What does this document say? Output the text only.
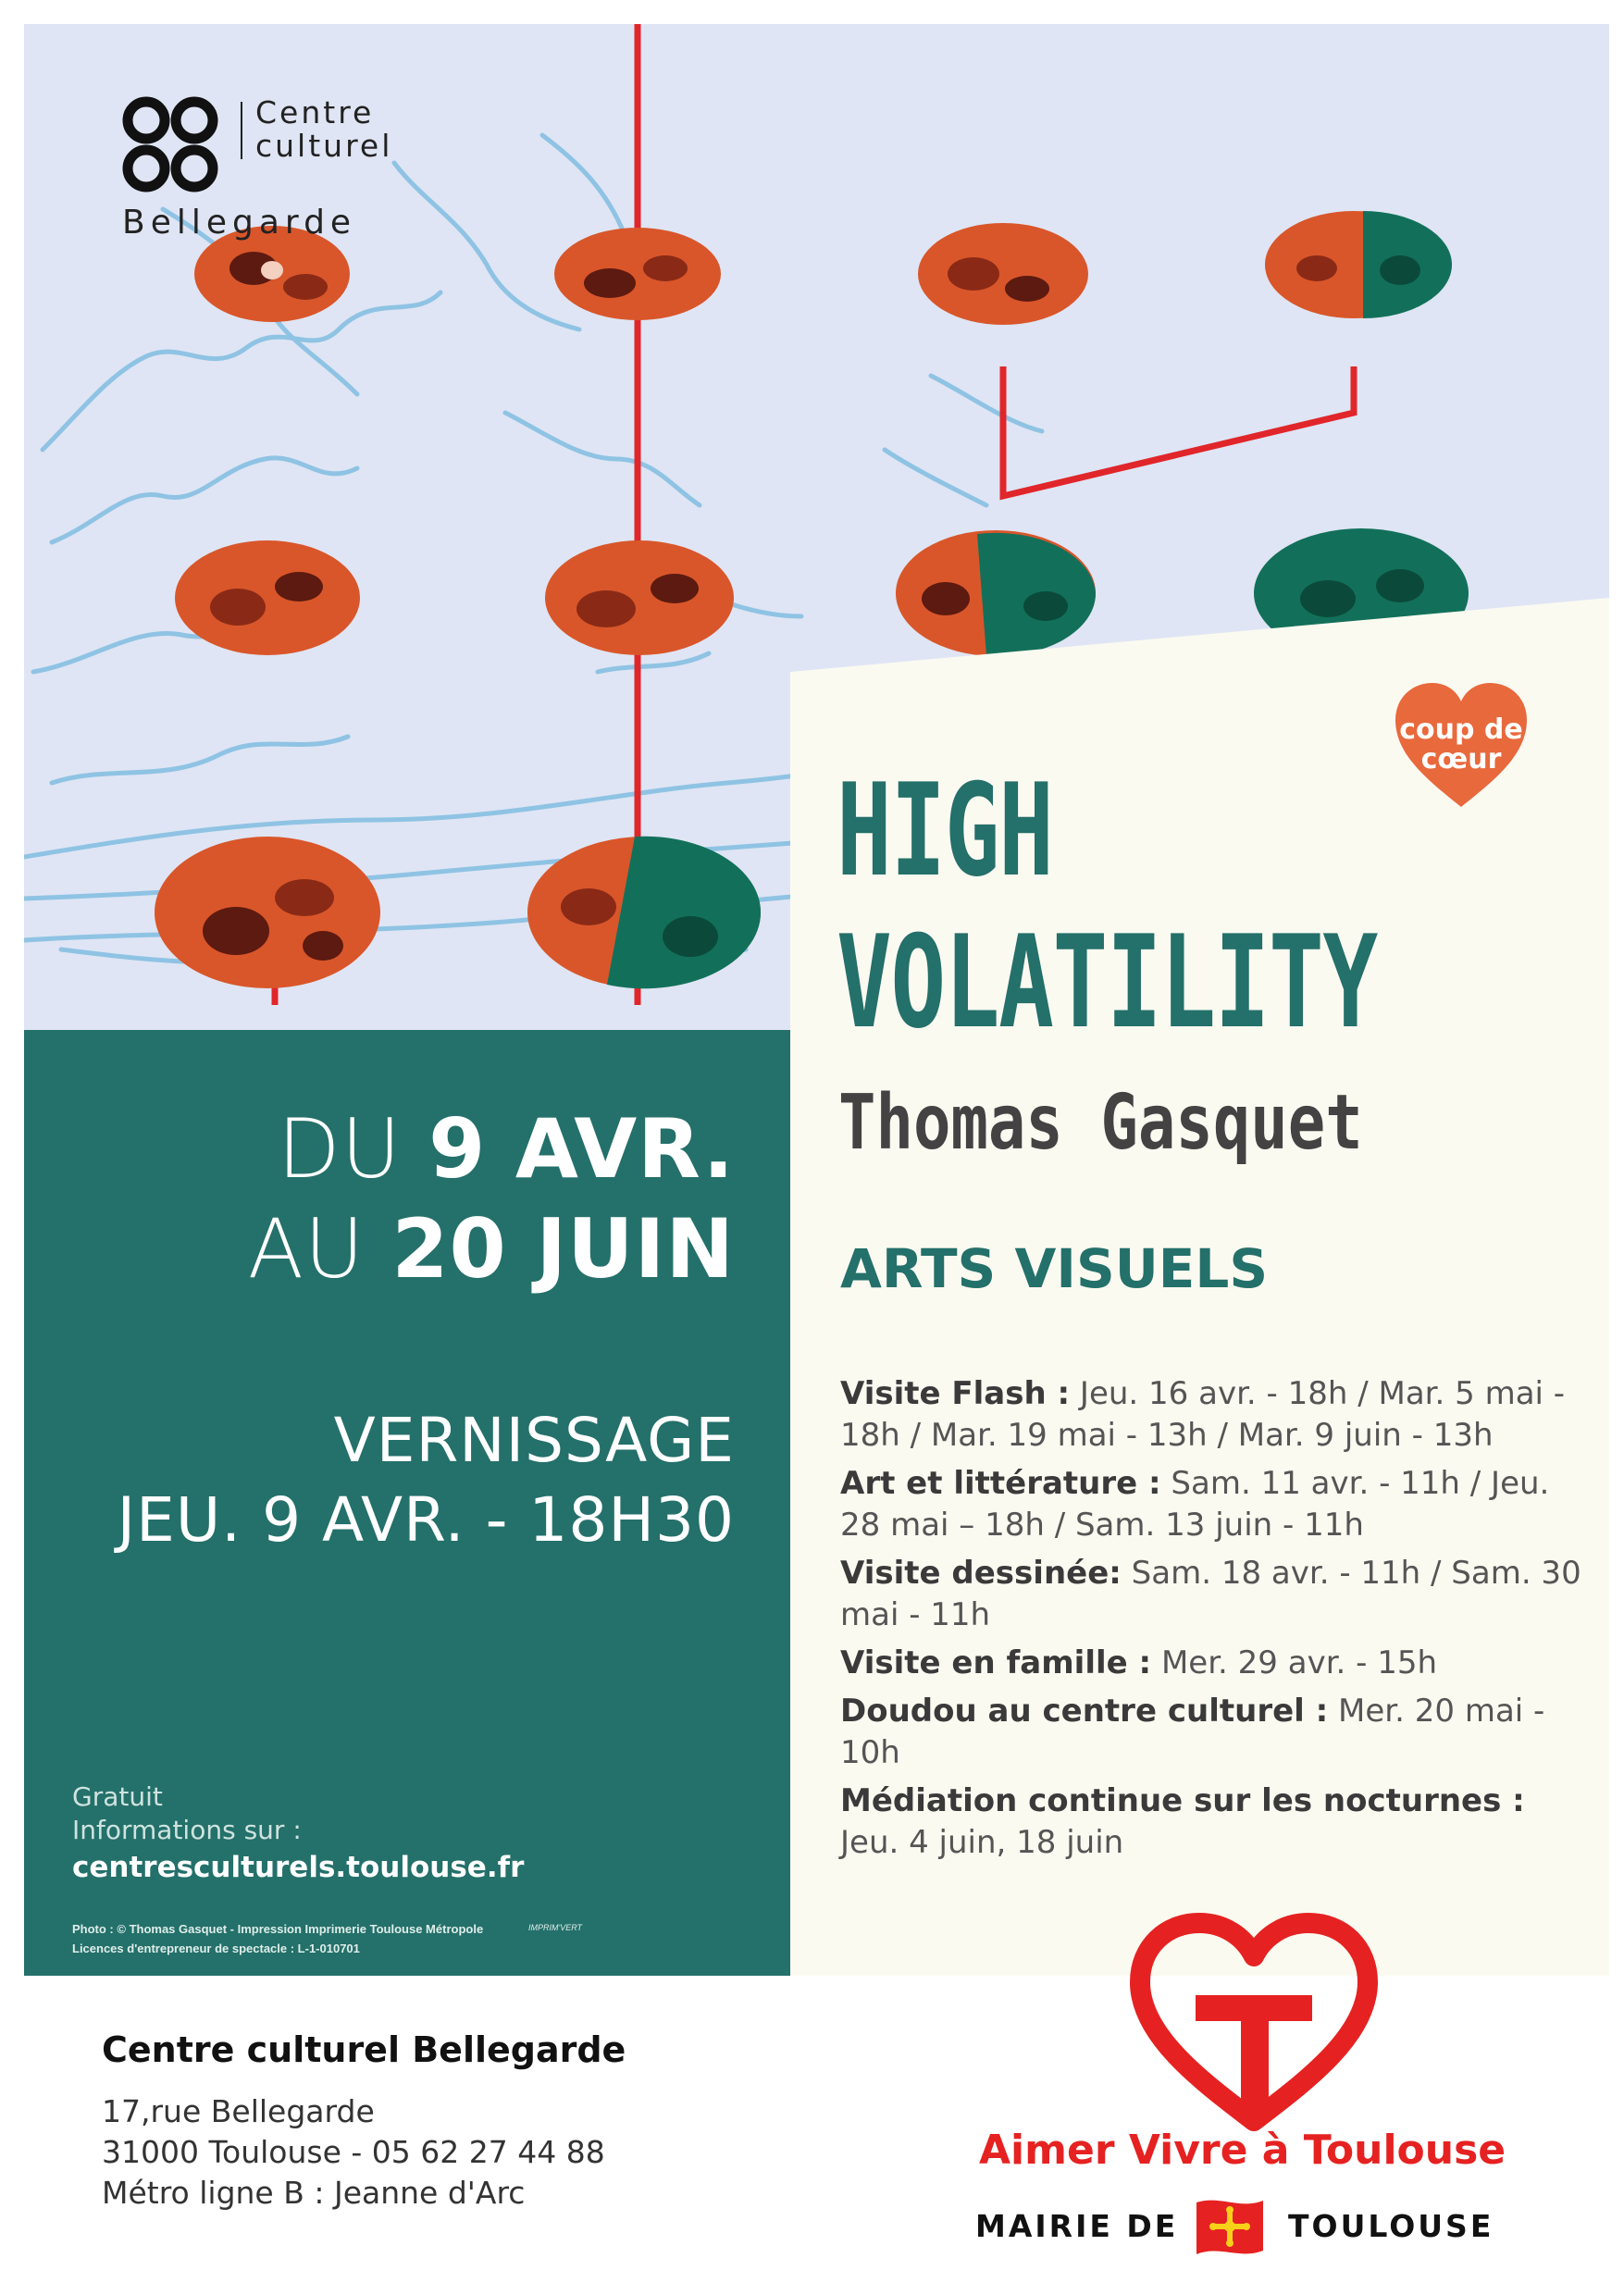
Centre
culturel
Bellegarde
coup de
cœur
HIGH
VOLATILITY
Thomas Gasquet
ARTS VISUELS
DU 9 AVR.
AU 20 JUIN
VERNISSAGE
JEU. 9 AVR. - 18H30
Visite Flash : Jeu. 16 avr. - 18h / Mar. 5 mai - 18h / Mar. 19 mai - 13h / Mar. 9 juin - 13h
Art et littérature : Sam. 11 avr. - 11h / Jeu. 28 mai – 18h / Sam. 13 juin - 11h
Visite dessinée: Sam. 18 avr. - 11h / Sam. 30 mai - 11h
Visite en famille : Mer. 29 avr. - 15h
Doudou au centre culturel : Mer. 20 mai - 10h
Médiation continue sur les nocturnes :
Jeu. 4 juin, 18 juin
Gratuit
Informations sur :
centresculturels.toulouse.fr
Photo : © Thomas Gasquet - Impression Imprimerie Toulouse Métropole
Licences d'entrepreneur de spectacle : L-1-010701
IMPRIM'VERT
Centre culturel Bellegarde
17,rue Bellegarde
31000 Toulouse - 05 62 27 44 88
Métro ligne B : Jeanne d'Arc
Aimer Vivre à Toulouse
MAIRIE DE	TOULOUSE
